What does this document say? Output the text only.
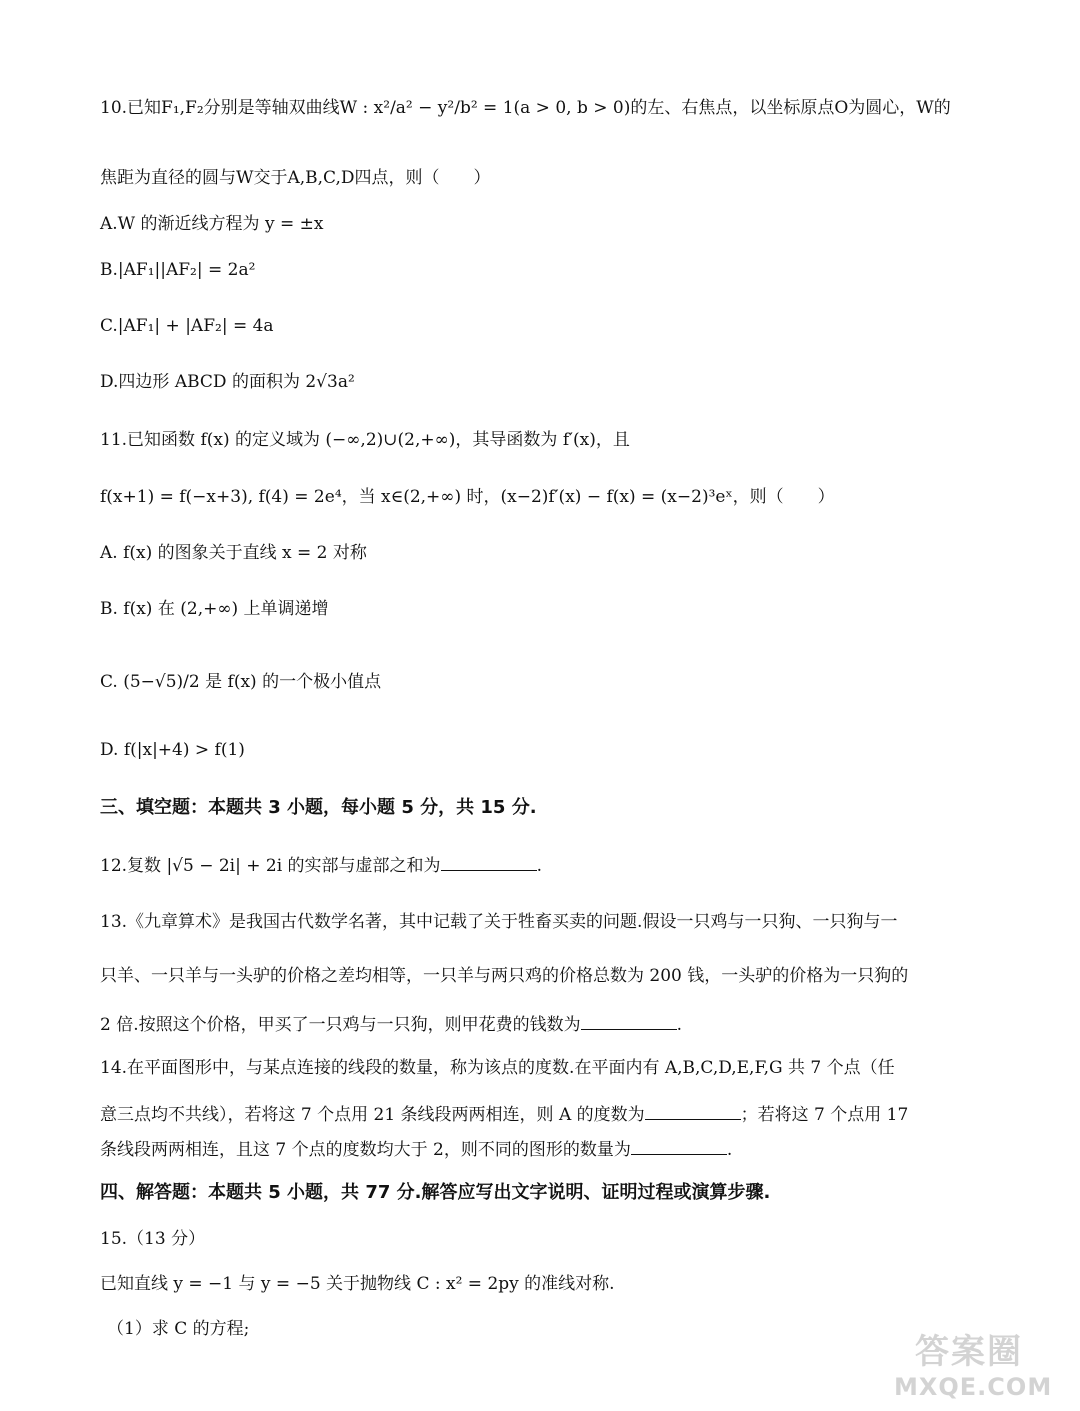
10.已知F₁,F₂分别是等轴双曲线W : x²/a² − y²/b² = 1(a > 0, b > 0)的左、右焦点，以坐标原点O为圆心，W的
焦距为直径的圆与W交于A,B,C,D四点，则（　　）
A.W 的渐近线方程为 y = ±x
B.|AF₁||AF₂| = 2a²
C.|AF₁| + |AF₂| = 4a
D.四边形 ABCD 的面积为 2√3a²
11.已知函数 f(x) 的定义域为 (−∞,2)∪(2,+∞)，其导函数为 f′(x)，且
f(x+1) = f(−x+3), f(4) = 2e⁴，当 x∈(2,+∞) 时，(x−2)f′(x) − f(x) = (x−2)³eˣ，则（　　）
A. f(x) 的图象关于直线 x = 2 对称
B. f(x) 在 (2,+∞) 上单调递增
C. (5−√5)/2 是 f(x) 的一个极小值点
D. f(|x|+4) > f(1)
三、填空题：本题共 3 小题，每小题 5 分，共 15 分.
12.复数 |√5 − 2i| + 2i 的实部与虚部之和为	.
13.《九章算术》是我国古代数学名著，其中记载了关于牲畜买卖的问题.假设一只鸡与一只狗、一只狗与一
只羊、一只羊与一头驴的价格之差均相等，一只羊与两只鸡的价格总数为 200 钱，一头驴的价格为一只狗的
2 倍.按照这个价格，甲买了一只鸡与一只狗，则甲花费的钱数为	.
14.在平面图形中，与某点连接的线段的数量，称为该点的度数.在平面内有 A,B,C,D,E,F,G 共 7 个点（任
意三点均不共线），若将这 7 个点用 21 条线段两两相连，则 A 的度数为	；若将这 7 个点用 17
条线段两两相连，且这 7 个点的度数均大于 2，则不同的图形的数量为	.
四、解答题：本题共 5 小题，共 77 分.解答应写出文字说明、证明过程或演算步骤.
15.（13 分）
已知直线 y = −1 与 y = −5 关于抛物线 C : x² = 2py 的准线对称.
（1）求 C 的方程;
答案圈
MXQE.COM
